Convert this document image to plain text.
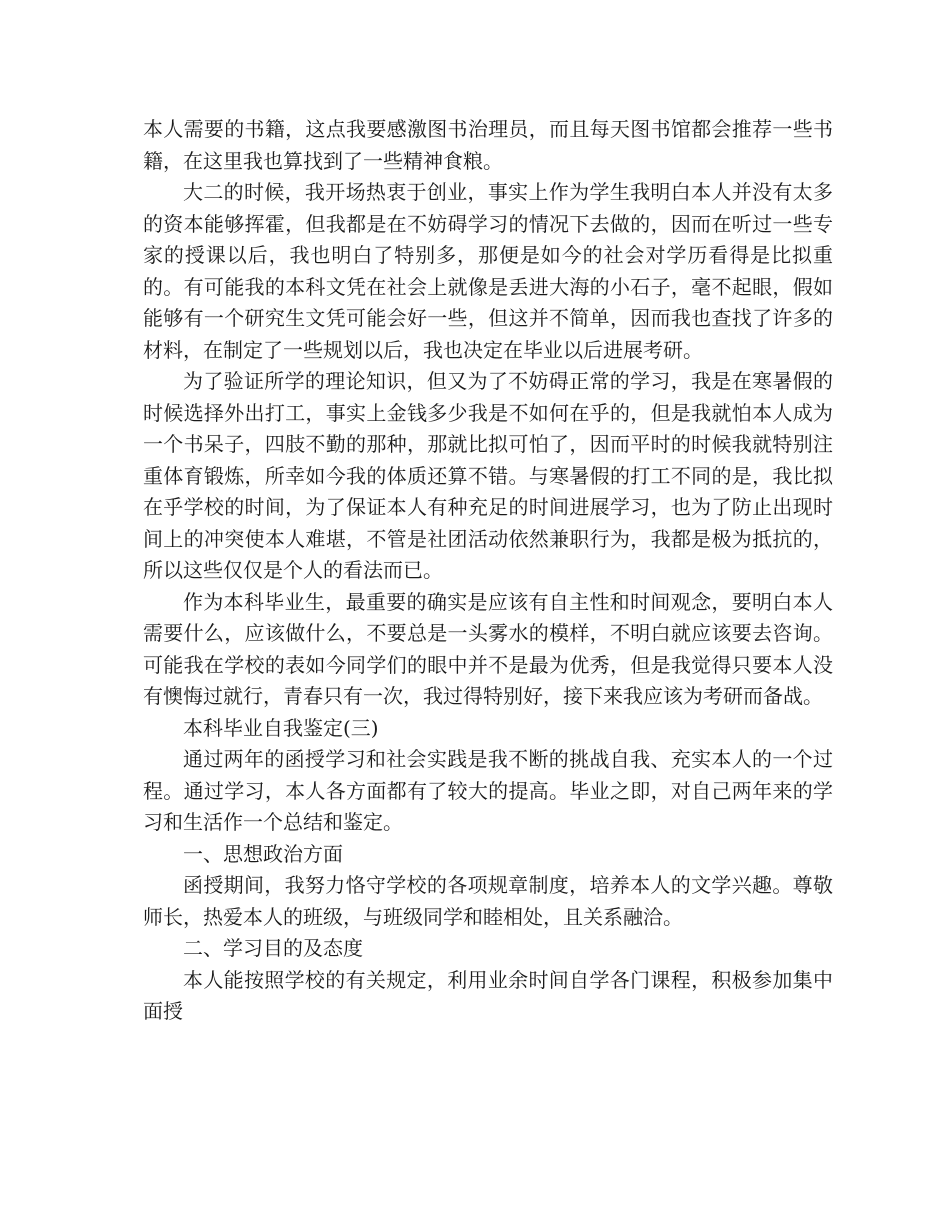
本人需要的书籍，这点我要感激图书治理员，而且每天图书馆都会推荐一些书籍，在这里我也算找到了一些精神食粮。

大二的时候，我开场热衷于创业，事实上作为学生我明白本人并没有太多的资本能够挥霍，但我都是在不妨碍学习的情况下去做的，因而在听过一些专家的授课以后，我也明白了特别多，那便是如今的社会对学历看得是比拟重的。有可能我的本科文凭在社会上就像是丢进大海的小石子，毫不起眼，假如能够有一个研究生文凭可能会好一些，但这并不简单，因而我也查找了许多的材料，在制定了一些规划以后，我也决定在毕业以后进展考研。

为了验证所学的理论知识，但又为了不妨碍正常的学习，我是在寒暑假的时候选择外出打工，事实上金钱多少我是不如何在乎的，但是我就怕本人成为一个书呆子，四肢不勤的那种，那就比拟可怕了，因而平时的时候我就特别注重体育锻炼，所幸如今我的体质还算不错。与寒暑假的打工不同的是，我比拟在乎学校的时间，为了保证本人有种充足的时间进展学习，也为了防止出现时间上的冲突使本人难堪，不管是社团活动依然兼职行为，我都是极为抵抗的，所以这些仅仅是个人的看法而已。

作为本科毕业生，最重要的确实是应该有自主性和时间观念，要明白本人需要什么，应该做什么，不要总是一头雾水的模样，不明白就应该要去咨询。可能我在学校的表如今同学们的眼中并不是最为优秀，但是我觉得只要本人没有懊悔过就行，青春只有一次，我过得特别好，接下来我应该为考研而备战。

本科毕业自我鉴定(三)

通过两年的函授学习和社会实践是我不断的挑战自我、充实本人的一个过程。通过学习，本人各方面都有了较大的提高。毕业之即，对自己两年来的学习和生活作一个总结和鉴定。

一、思想政治方面

函授期间，我努力恪守学校的各项规章制度，培养本人的文学兴趣。尊敬师长，热爱本人的班级，与班级同学和睦相处，且关系融洽。

二、学习目的及态度

本人能按照学校的有关规定，利用业余时间自学各门课程，积极参加集中面授
